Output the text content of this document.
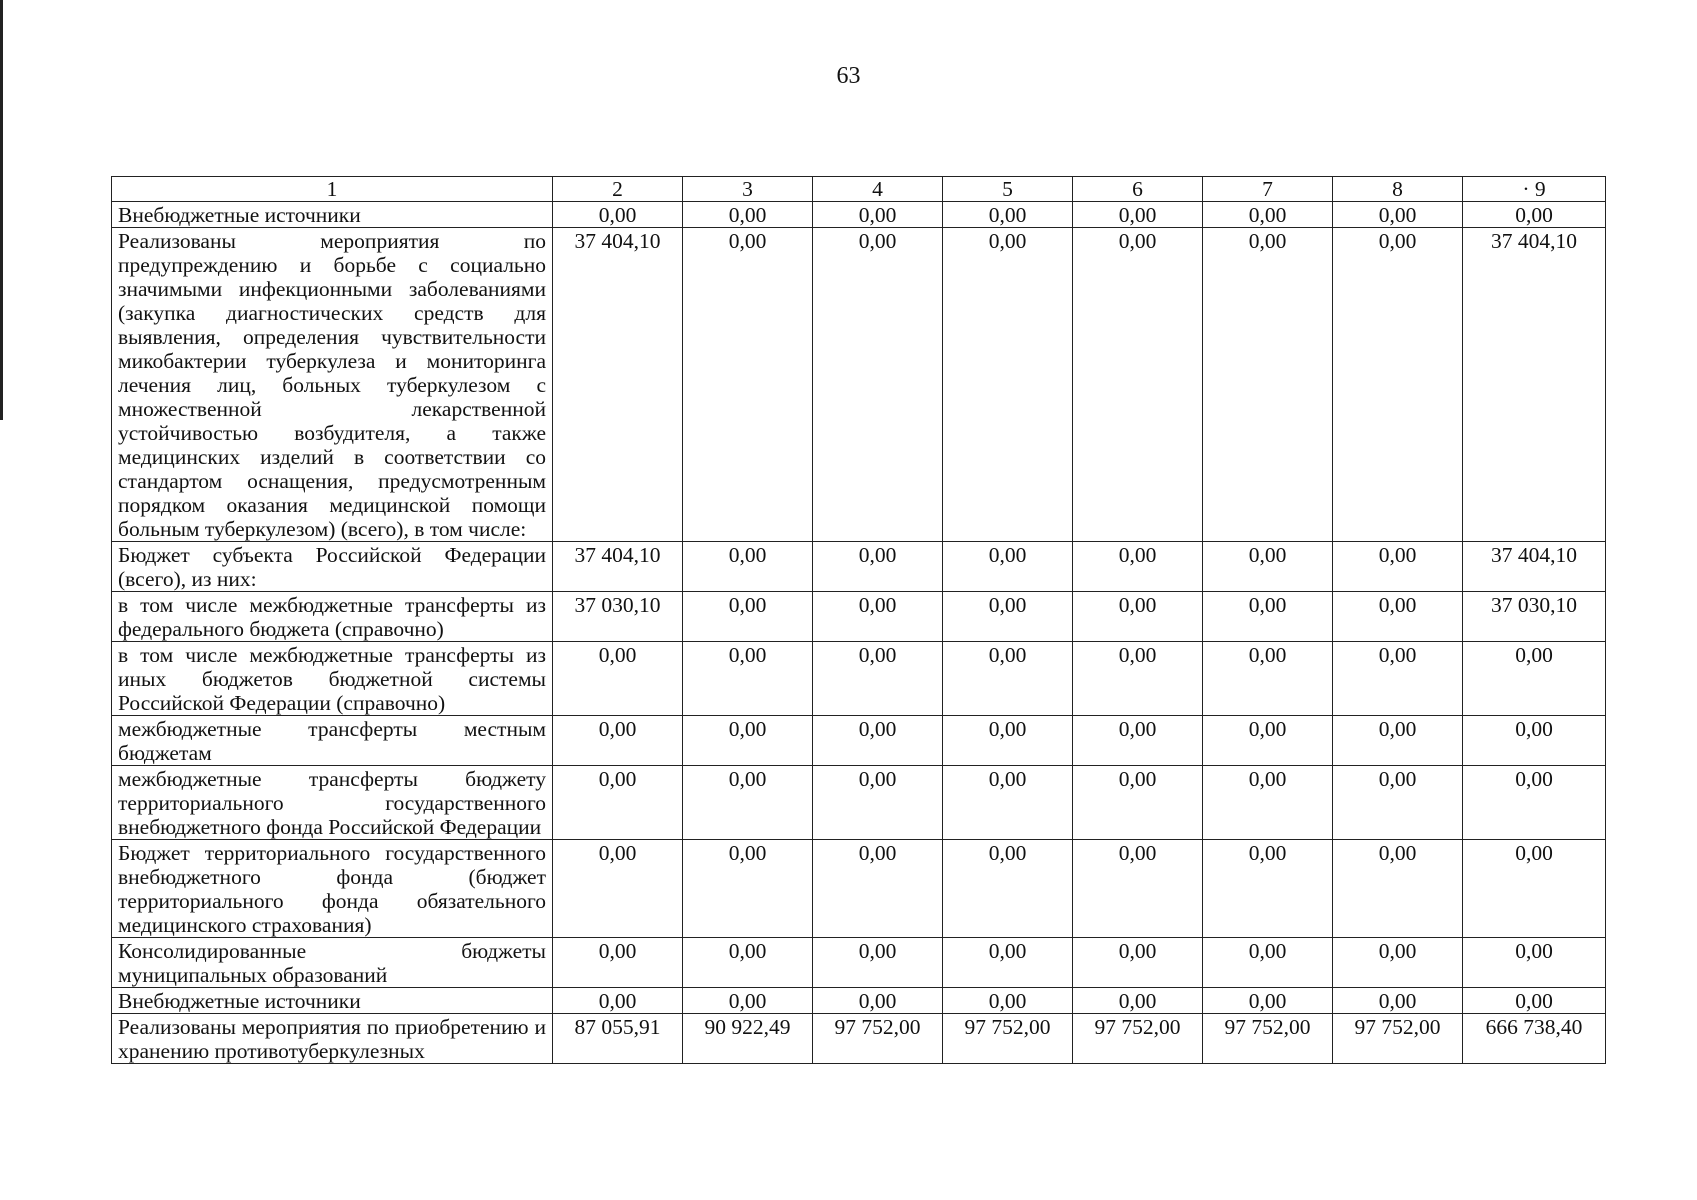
63
1	2	3	4	5	6	7	8	· 9
Внебюджетные источники	0,00	0,00	0,00	0,00	0,00	0,00	0,00	0,00
Реализованы мероприятия по предупреждению и борьбе с социально значимыми инфекционными заболеваниями (закупка диагностических средств для выявления, определения чувствительности микобактерии туберкулеза и мониторинга лечения лиц, больных туберкулезом с множественной лекарственной устойчивостью возбудителя, а также медицинских изделий в соответствии со стандартом оснащения, предусмотренным порядком оказания медицинской помощи больным туберкулезом) (всего), в том числе:	37 404,10	0,00	0,00	0,00	0,00	0,00	0,00	37 404,10
Бюджет субъекта Российской Федерации (всего), из них:	37 404,10	0,00	0,00	0,00	0,00	0,00	0,00	37 404,10
в том числе межбюджетные трансферты из федерального бюджета (справочно)	37 030,10	0,00	0,00	0,00	0,00	0,00	0,00	37 030,10
в том числе межбюджетные трансферты из иных бюджетов бюджетной системы Российской Федерации (справочно)	0,00	0,00	0,00	0,00	0,00	0,00	0,00	0,00
межбюджетные трансферты местным бюджетам	0,00	0,00	0,00	0,00	0,00	0,00	0,00	0,00
межбюджетные трансферты бюджету территориального государственного внебюджетного фонда Российской Федерации	0,00	0,00	0,00	0,00	0,00	0,00	0,00	0,00
Бюджет территориального государственного внебюджетного фонда (бюджет территориального фонда обязательного медицинского страхования)	0,00	0,00	0,00	0,00	0,00	0,00	0,00	0,00
Консолидированные бюджеты муниципальных образований	0,00	0,00	0,00	0,00	0,00	0,00	0,00	0,00
Внебюджетные источники	0,00	0,00	0,00	0,00	0,00	0,00	0,00	0,00
Реализованы мероприятия по приобретению и хранению противотуберкулезных	87 055,91	90 922,49	97 752,00	97 752,00	97 752,00	97 752,00	97 752,00	666 738,40
